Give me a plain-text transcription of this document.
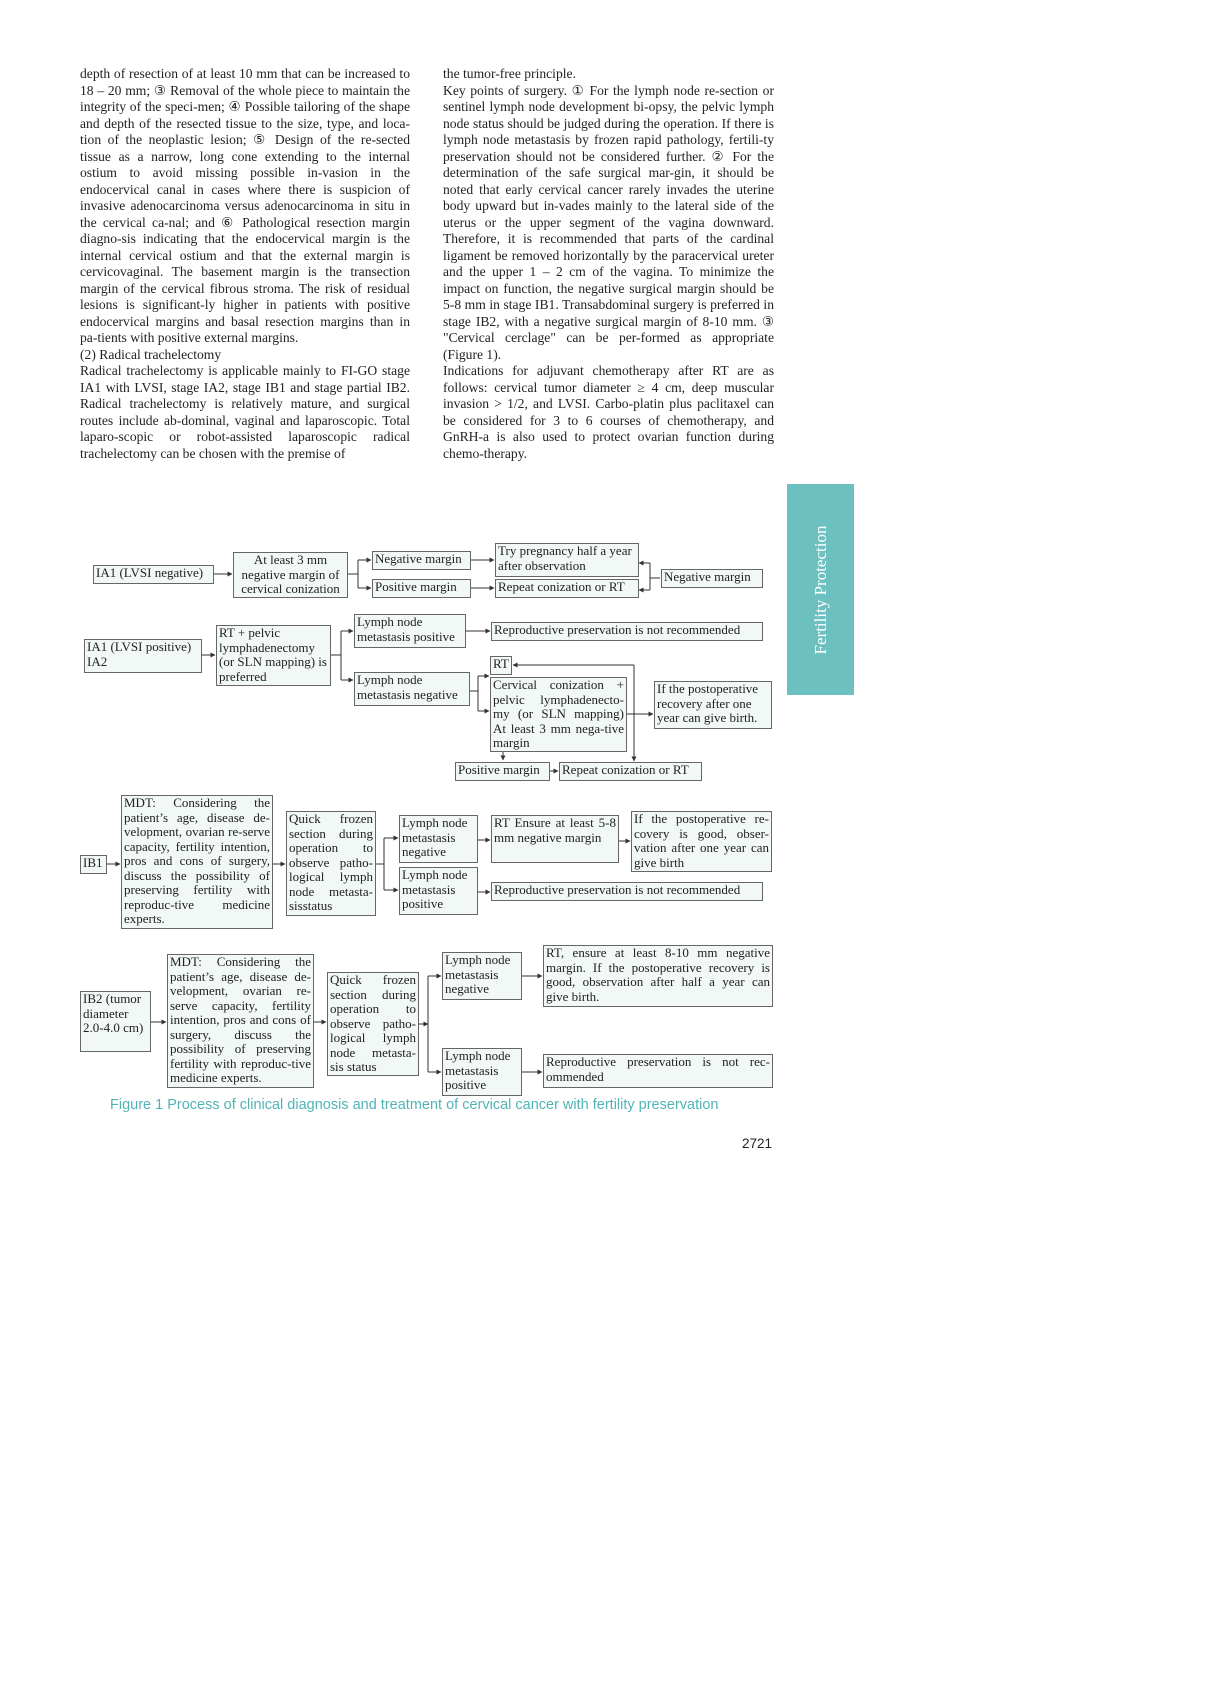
depth of resection of at least 10 mm that can be increased to 18 – 20 mm; ③ Removal of the whole piece to maintain the integrity of the speci-men; ④ Possible tailoring of the shape and depth of the resected tissue to the size, type, and loca-tion of the neoplastic lesion; ⑤ Design of the re-sected tissue as a narrow, long cone extending to the internal ostium to avoid missing possible in-vasion in the endocervical canal in cases where there is suspicion of invasive adenocarcinoma versus adenocarcinoma in situ in the cervical ca-nal; and ⑥ Pathological resection margin diagno-sis indicating that the endocervical margin is the internal cervical ostium and that the external margin is cervicovaginal. The basement margin is the transection margin of the cervical fibrous stroma. The risk of residual lesions is significant-ly higher in patients with positive endocervical margins and basal resection margins than in pa-tients with positive external margins.

(2) Radical trachelectomy

Radical trachelectomy is applicable mainly to FI-GO stage IA1 with LVSI, stage IA2, stage IB1 and stage partial IB2. Radical trachelectomy is relatively mature, and surgical routes include ab-dominal, vaginal and laparoscopic. Total laparo-scopic or robot-assisted laparoscopic radical trachelectomy can be chosen with the premise of

the tumor-free principle.

Key points of surgery. ① For the lymph node re-section or sentinel lymph node development bi-opsy, the pelvic lymph node status should be judged during the operation. If there is lymph node metastasis by frozen rapid pathology, fertili-ty preservation should not be considered further. ② For the determination of the safe surgical mar-gin, it should be noted that early cervical cancer rarely invades the uterine body upward but in-vades mainly to the lateral side of the uterus or the upper segment of the vagina downward. Therefore, it is recommended that parts of the cardinal ligament be removed horizontally by the paracervical ureter and the upper 1 – 2 cm of the vagina. To minimize the impact on function, the negative surgical margin should be 5-8 mm in stage IB1. Transabdominal surgery is preferred in stage IB2, with a negative surgical margin of 8-10 mm. ③ "Cervical cerclage" can be per-formed as appropriate (Figure 1).

Indications for adjuvant chemotherapy after RT are as follows: cervical tumor diameter ≥ 4 cm, deep muscular invasion > 1/2, and LVSI. Carbo-platin plus paclitaxel can be considered for 3 to 6 courses of chemotherapy, and GnRH-a is also used to protect ovarian function during chemo-therapy.

Fertility Protection
IA1 (LVSI negative)
At least 3 mm negative margin of cervical conization
Negative margin
Positive margin
Try pregnancy half a year after observation
Repeat conization or RT
Negative margin
IA1 (LVSI positive) IA2
RT + pelvic lymphadenectomy (or SLN mapping) is preferred
Lymph node metastasis positive	Reproductive preservation is not recommended
Lymph node metastasis negative
RT
Cervical conization + pelvic lymphadenecto-my (or SLN mapping) At least 3 mm nega-tive margin
If the postoperative recovery after one year can give birth.
Positive margin	Repeat conization or RT
IB1
MDT: Considering the patient’s age, disease de-velopment, ovarian re-serve capacity, fertility intention, pros and cons of surgery, discuss the possibility of preserving fertility with reproduc-tive medicine experts.
Quick frozen section during operation to observe patho-logical lymph node metasta-sisstatus
Lymph node metastasis negative
Lymph node metastasis positive
RT Ensure at least 5-8 mm negative margin
If the postoperative re-covery is good, obser-vation after one year can give birth
Reproductive preservation is not recommended
IB2 (tumor diameter 2.0-4.0 cm)
MDT: Considering the patient’s age, disease de-velopment, ovarian re-serve capacity, fertility intention, pros and cons of surgery, discuss the possibility of preserving fertility with reproduc-tive medicine experts.
Quick frozen section during operation to observe patho-logical lymph node metasta-sis status
Lymph node metastasis negative
Lymph node metastasis positive
RT, ensure at least 8-10 mm negative margin. If the postoperative recovery is good, observation after half a year can give birth.
Reproductive preservation is not rec-ommended
Figure 1 Process of clinical diagnosis and treatment of cervical cancer with fertility preservation
2721
